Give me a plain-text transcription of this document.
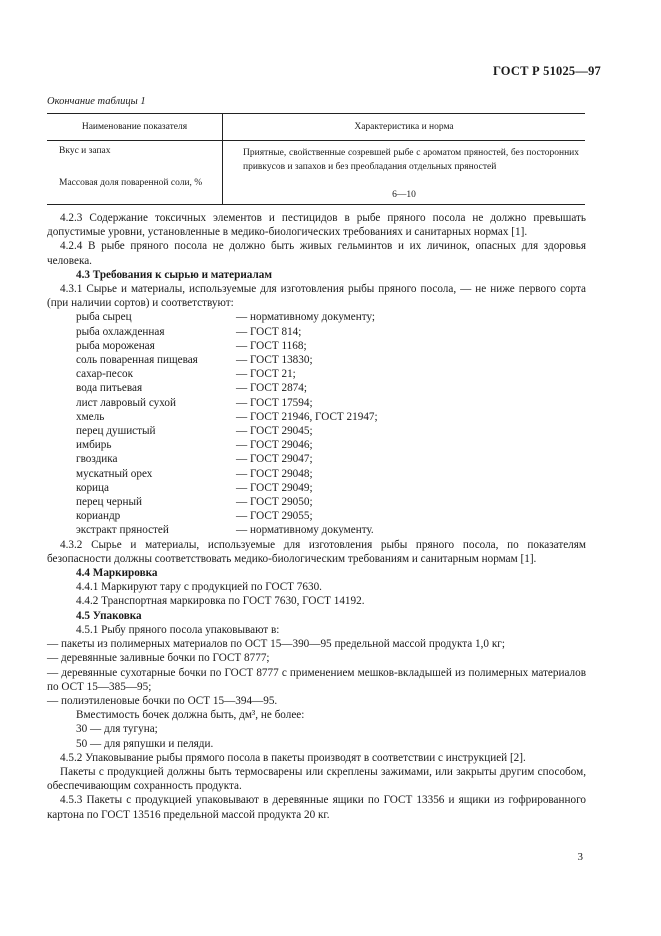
ГОСТ Р 51025—97
Окончание таблицы 1
Наименование показателя	Характеристика и норма
Вкус и запах	Приятные, свойственные созревшей рыбе с ароматом пряностей, без посторонних привкусов и запахов и без преобладания отдельных пряностей
Массовая доля поваренной соли, %	6—10
4.2.3 Содержание токсичных элементов и пестицидов в рыбе пряного посола не должно превышать допустимые уровни, установленные в медико-биологических требованиях и санитарных нормах [1].
4.2.4 В рыбе пряного посола не должно быть живых гельминтов и их личинок, опасных для здоровья человека.
4.3 Требования к сырью и материалам
4.3.1 Сырье и материалы, используемые для изготовления рыбы пряного посола, — не ниже первого сорта (при наличии сортов) и соответствуют:
рыба сырец	— нормативному документу;
рыба охлажденная	— ГОСТ 814;
рыба мороженая	— ГОСТ 1168;
соль поваренная пищевая	— ГОСТ 13830;
сахар-песок	— ГОСТ 21;
вода питьевая	— ГОСТ 2874;
лист лавровый сухой	— ГОСТ 17594;
хмель	— ГОСТ 21946, ГОСТ 21947;
перец душистый	— ГОСТ 29045;
имбирь	— ГОСТ 29046;
гвоздика	— ГОСТ 29047;
мускатный орех	— ГОСТ 29048;
корица	— ГОСТ 29049;
перец черный	— ГОСТ 29050;
кориандр	— ГОСТ 29055;
экстракт пряностей	— нормативному документу.
4.3.2 Сырье и материалы, используемые для изготовления рыбы пряного посола, по показателям безопасности должны соответствовать медико-биологическим требованиям и санитарным нормам [1].
4.4 Маркировка
4.4.1 Маркируют тару с продукцией по ГОСТ 7630.
4.4.2 Транспортная маркировка по ГОСТ 7630, ГОСТ 14192.
4.5 Упаковка
4.5.1 Рыбу пряного посола упаковывают в:
— пакеты из полимерных материалов по ОСТ 15—390—95 предельной массой продукта 1,0 кг;
— деревянные заливные бочки по ГОСТ 8777;
— деревянные сухотарные бочки по ГОСТ 8777 с применением мешков-вкладышей из полимерных материалов по ОСТ 15—385—95;
— полиэтиленовые бочки по ОСТ 15—394—95.
Вместимость бочек должна быть, дм³, не более:
30 — для тугуна;
50 — для ряпушки и пеляди.
4.5.2 Упаковывание рыбы прямого посола в пакеты производят в соответствии с инструкцией [2].
Пакеты с продукцией должны быть термосварены или скреплены зажимами, или закрыты другим способом, обеспечивающим сохранность продукта.
4.5.3 Пакеты с продукцией упаковывают в деревянные ящики по ГОСТ 13356 и ящики из гофрированного картона по ГОСТ 13516 предельной массой продукта 20 кг.
3
